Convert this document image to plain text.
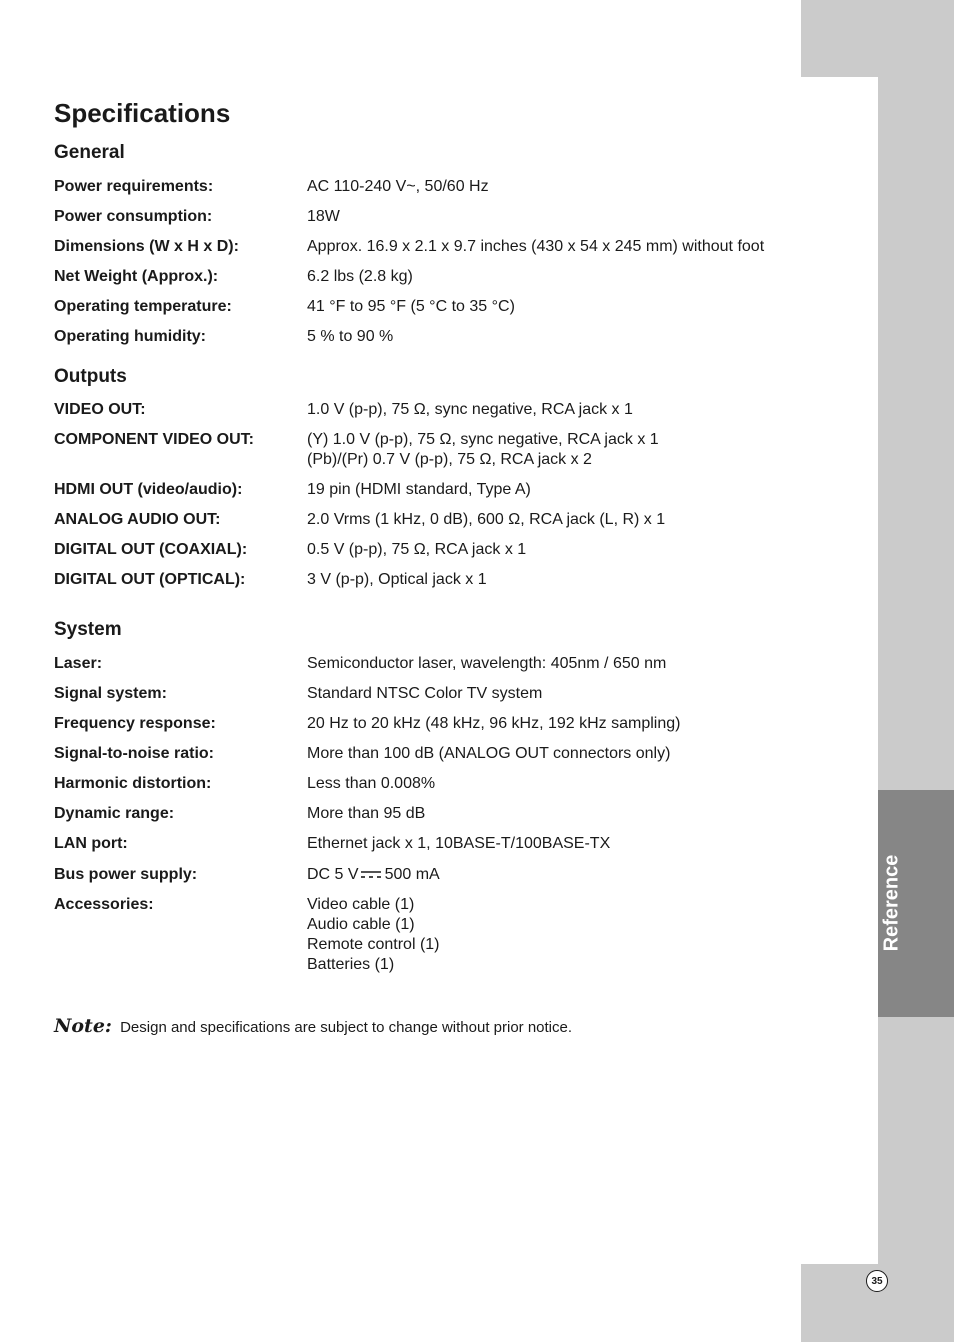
Reference
35
Specifications
General
Power requirements:	AC 110-240 V~, 50/60 Hz
Power consumption:	18W
Dimensions (W x H x D):	Approx. 16.9 x 2.1 x 9.7 inches (430 x 54 x 245 mm) without foot
Net Weight (Approx.):	6.2 lbs (2.8 kg)
Operating temperature:	41 °F to 95 °F (5 °C to 35 °C)
Operating humidity:	5 % to 90 %
Outputs
VIDEO OUT:	1.0 V (p-p), 75 Ω, sync negative, RCA jack x 1
COMPONENT VIDEO OUT:	(Y) 1.0 V (p-p), 75 Ω, sync negative, RCA jack x 1
(Pb)/(Pr) 0.7 V (p-p), 75 Ω, RCA jack x 2
HDMI OUT (video/audio):	19 pin (HDMI standard, Type A)
ANALOG AUDIO OUT:	2.0 Vrms (1 kHz, 0 dB), 600 Ω, RCA jack (L, R) x 1
DIGITAL OUT (COAXIAL):	0.5 V (p-p), 75 Ω, RCA jack x 1
DIGITAL OUT (OPTICAL):	3 V (p-p), Optical jack x 1
System
Laser:	Semiconductor laser, wavelength: 405nm / 650 nm
Signal system:	Standard NTSC Color TV system
Frequency response:	20 Hz to 20 kHz (48 kHz, 96 kHz, 192 kHz sampling)
Signal-to-noise ratio:	More than 100 dB (ANALOG OUT connectors only)
Harmonic distortion:	Less than 0.008%
Dynamic range:	More than 95 dB
LAN port:	Ethernet jack x 1, 10BASE-T/100BASE-TX
Bus power supply:	DC 5 V 500 mA
Accessories:	Video cable (1)
Audio cable (1)
Remote control (1)
Batteries (1)
Note: Design and specifications are subject to change without prior notice.
